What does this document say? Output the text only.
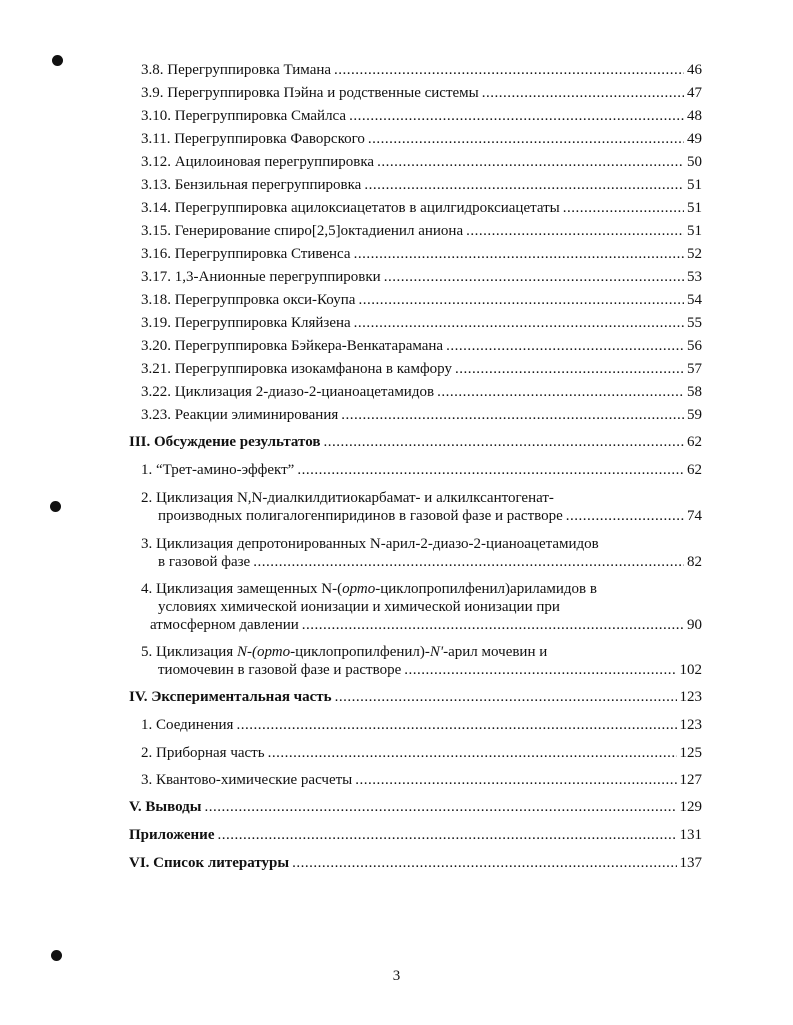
3.8. Перегруппировка Тимана .....	46
3.9. Перегруппировка Пэйна и родственные системы .....	47
3.10. Перегруппировка Смайлса .....	48
3.11. Перегруппировка Фаворского .....	49
3.12. Ацилоиновая перегруппировка .....	50
3.13. Бензильная перегруппировка .....	51
3.14. Перегруппировка ацилоксиацетатов в ацилгидроксиацетаты .....	51
3.15. Генерирование спиро[2,5]октадиенил аниона .....	51
3.16. Перегруппировка Стивенса .....	52
3.17. 1,3-Анионные перегруппировки .....	53
3.18. Перегруппровка окси-Коупа .....	54
3.19. Перегруппировка Кляйзена .....	55
3.20. Перегруппировка Бэйкера-Венкатарамана .....	56
3.21. Перегруппировка изокамфанона в камфору .....	57
3.22. Циклизация 2-диазо-2-цианоацетамидов .....	58
3.23. Реакции элиминирования .....	59
III. Обсуждение результатов .....	62
1. “Трет-амино-эффект” .....	62
2. Циклизация N,N-диалкилдитиокарбамат- и алкилксантогенат-
производных полигалогенпиридинов в газовой фазе и растворе .....	74
3. Циклизация депротонированных N-арил-2-диазо-2-цианоацетамидов
в газовой фазе .....	82
4. Циклизация замещенных N-(орто-циклопропилфенил)ариламидов в
условиях химической ионизации и химической ионизации при
атмосферном давлении .....	90
5. Циклизация N-(орто-циклопропилфенил)-N'-арил мочевин и
тиомочевин в газовой фазе и растворе .....	102
IV. Экспериментальная часть .....	123
1. Соединения .....	123
2. Приборная часть .....	125
3. Квантово-химические расчеты .....	127
V. Выводы .....	129
Приложение .....	131
VI. Список литературы .....	137
3
